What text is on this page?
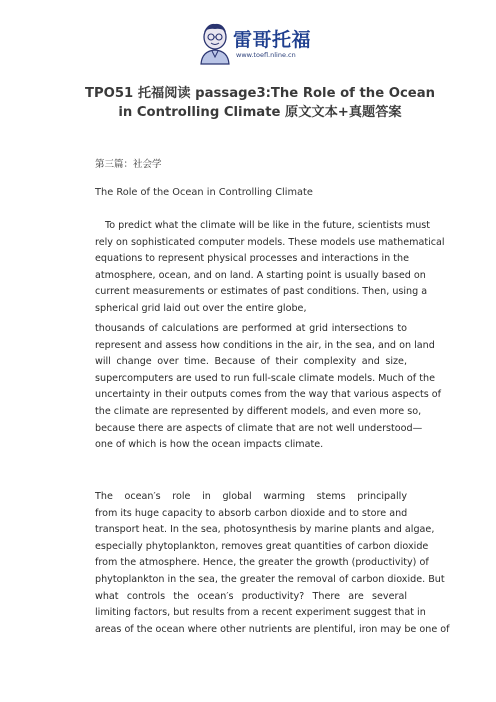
雷哥托福
www.toefl.nline.cn
TPO51 托福阅读 passage3:The Role of the Ocean
in Controlling Climate 原文文本+真题答案
第三篇：社会学
The Role of the Ocean in Controlling Climate
To predict what the climate will be like in the future, scientists must
rely on sophisticated computer models. These models use mathematical
equations to represent physical processes and interactions in the
atmosphere, ocean, and on land. A starting point is usually based on
current measurements or estimates of past conditions. Then, using a
spherical grid laid out over the entire globe,
thousands of calculations are performed at grid intersections to
represent and assess how conditions in the air, in the sea, and on land
will change over time. Because of their complexity and size,
supercomputers are used to run full-scale climate models. Much of the
uncertainty in their outputs comes from the way that various aspects of
the climate are represented by different models, and even more so,
because there are aspects of climate that are not well understood—
one of which is how the ocean impacts climate.
The ocean′s role in global warming stems principally
from its huge capacity to absorb carbon dioxide and to store and
transport heat. In the sea, photosynthesis by marine plants and algae,
especially phytoplankton, removes great quantities of carbon dioxide
from the atmosphere. Hence, the greater the growth (productivity) of
phytoplankton in the sea, the greater the removal of carbon dioxide. But
what controls the ocean′s productivity? There are several
limiting factors, but results from a recent experiment suggest that in
areas of the ocean where other nutrients are plentiful, iron may be one of
